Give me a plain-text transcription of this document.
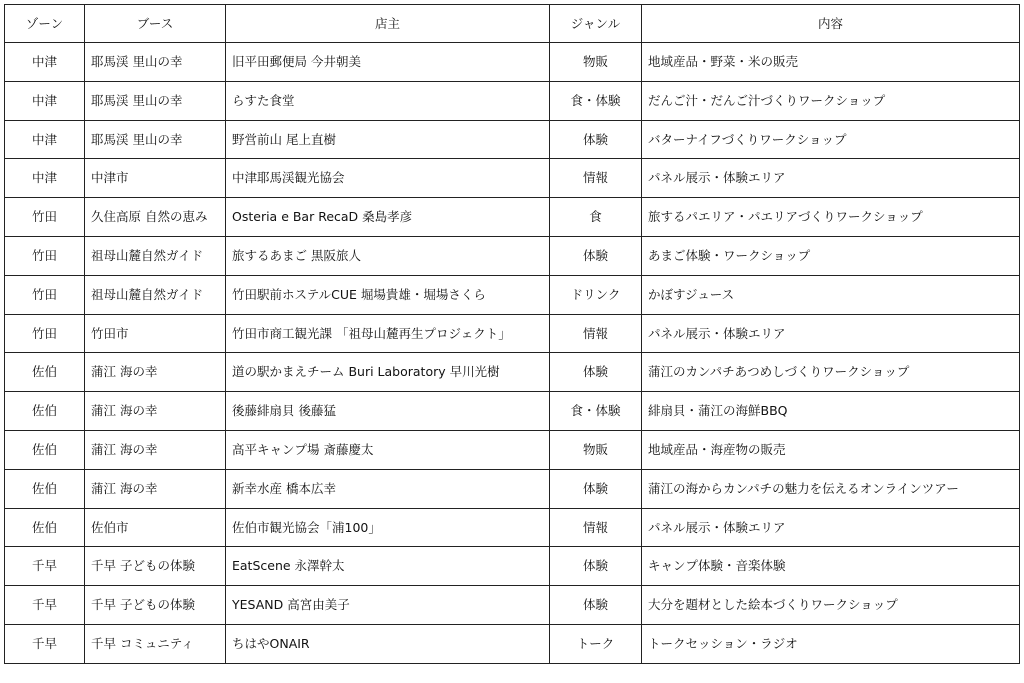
ゾーン	ブース	店主	ジャンル	内容
中津	耶馬渓 里山の幸	旧平田郵便局 今井朝美	物販	地域産品・野菜・米の販売
中津	耶馬渓 里山の幸	らすた食堂	食・体験	だんご汁・だんご汁づくりワークショップ
中津	耶馬渓 里山の幸	野営前山 尾上直樹	体験	バターナイフづくりワークショップ
中津	中津市	中津耶馬渓観光協会	情報	パネル展示・体験エリア
竹田	久住高原 自然の恵み	Osteria e Bar RecaD 桑島孝彦	食	旅するパエリア・パエリアづくりワークショップ
竹田	祖母山麓自然ガイド	旅するあまご 黒阪旅人	体験	あまご体験・ワークショップ
竹田	祖母山麓自然ガイド	竹田駅前ホステルCUE 堀場貴雄・堀場さくら	ドリンク	かぼすジュース
竹田	竹田市	竹田市商工観光課 「祖母山麓再生プロジェクト」	情報	パネル展示・体験エリア
佐伯	蒲江 海の幸	道の駅かまえチーム Buri Laboratory 早川光樹	体験	蒲江のカンパチあつめしづくりワークショップ
佐伯	蒲江 海の幸	後藤緋扇貝 後藤猛	食・体験	緋扇貝・蒲江の海鮮BBQ
佐伯	蒲江 海の幸	高平キャンプ場 斎藤慶太	物販	地域産品・海産物の販売
佐伯	蒲江 海の幸	新幸水産 橋本広幸	体験	蒲江の海からカンパチの魅力を伝えるオンラインツアー
佐伯	佐伯市	佐伯市観光協会「浦100」	情報	パネル展示・体験エリア
千早	千早 子どもの体験	EatScene 永澤幹太	体験	キャンプ体験・音楽体験
千早	千早 子どもの体験	YESAND 高宮由美子	体験	大分を題材とした絵本づくりワークショップ
千早	千早 コミュニティ	ちはやONAIR	トーク	トークセッション・ラジオ
